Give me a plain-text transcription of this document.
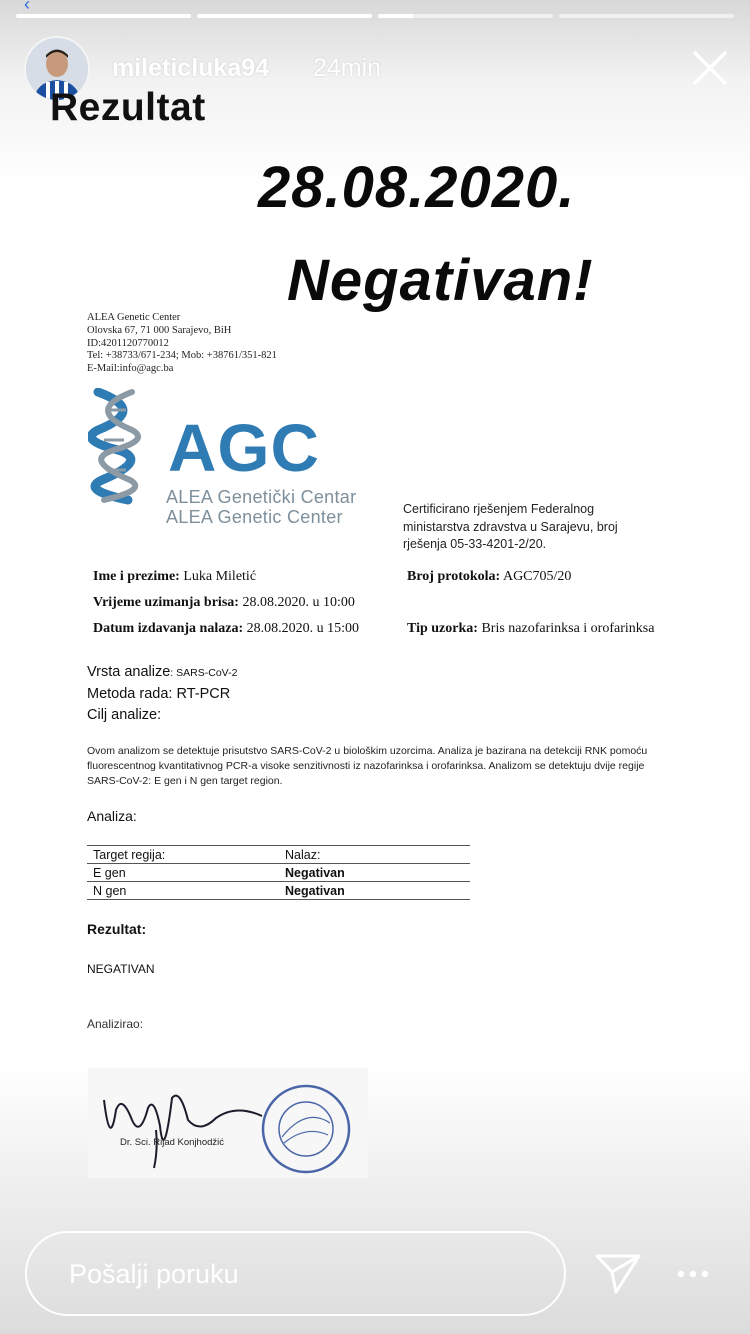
‹
mileticluka94 24min
Rezultat
28.08.2020.
Negativan!
ALEA Genetic Center
Olovska 67, 71 000 Sarajevo, BiH
ID:4201120770012
Tel: +38733/671-234; Mob: +38761/351-821
E-Mail:info@agc.ba
AGC
ALEA Genetički Centar
ALEA Genetic Center	Certificirano rješenjem Federalnog
ministarstva zdravstva u Sarajevu, broj
rješenja 05-33-4201-2/20.
Ime i prezime: Luka Miletić
Vrijeme uzimanja brisa: 28.08.2020. u 10:00
Datum izdavanja nalaza: 28.08.2020. u 15:00
Broj protokola: AGC705/20
Tip uzorka: Bris nazofarinksa i orofarinksa
Vrsta analize: SARS-CoV-2
Metoda rada: RT-PCR
Cilj analize:
Ovom analizom se detektuje prisutstvo SARS-CoV-2 u biološkim uzorcima. Analiza je bazirana na detekciji RNK pomoću fluorescentnog kvantitativnog PCR-a visoke senzitivnosti iz nazofarinksa i orofarinksa. Analizom se detektuju dvije regije SARS-CoV-2: E gen i N gen target region.
Analiza:
Target regija:	Nalaz:
E gen	Negativan
N gen	Negativan
Rezultat:
NEGATIVAN
Analizirao:
Dr. Sci. Rijad Konjhodžić
Pošalji poruku
